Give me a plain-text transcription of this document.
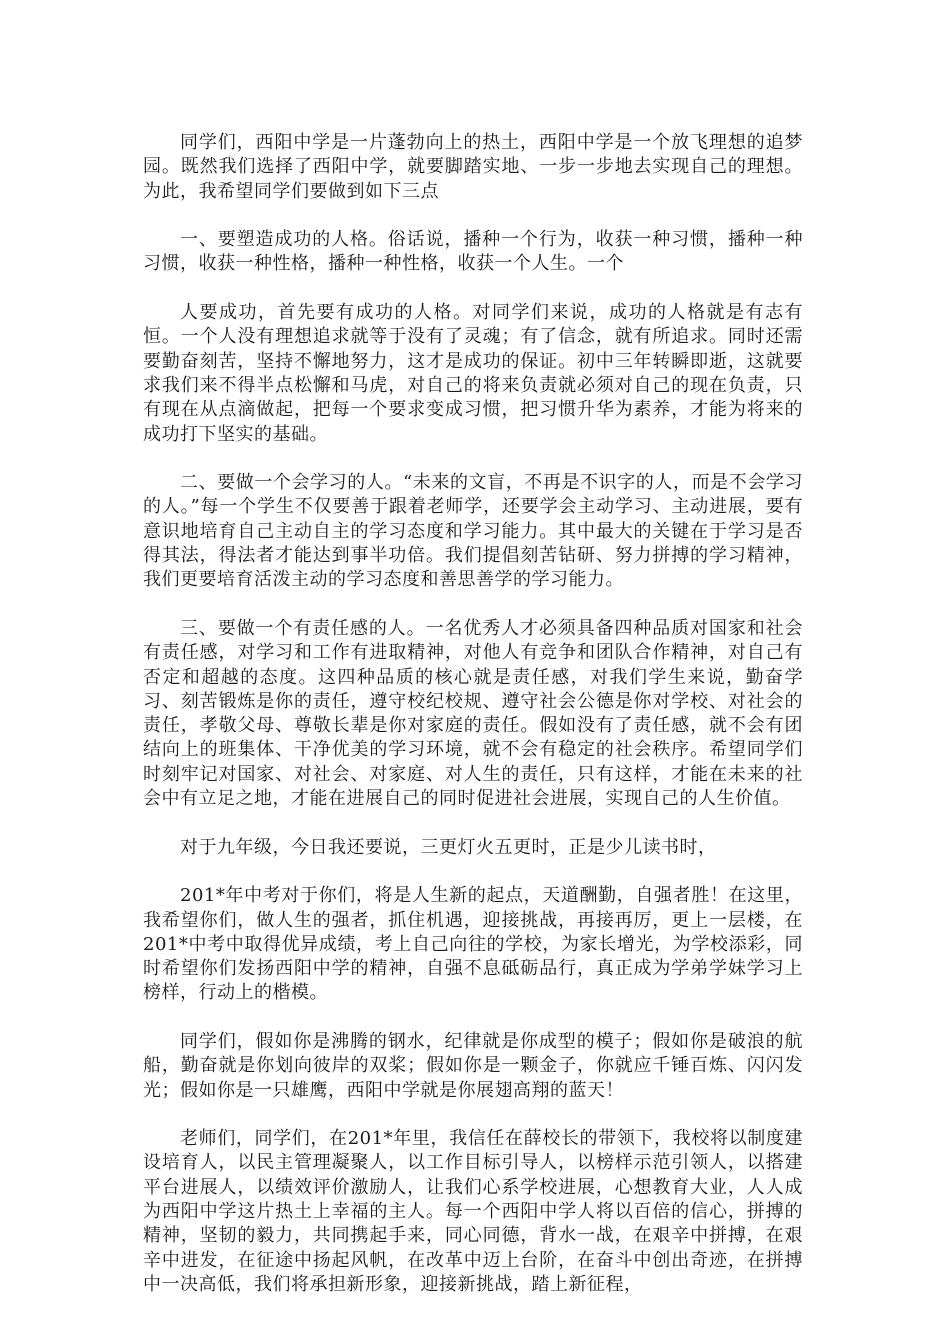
同学们，西阳中学是一片蓬勃向上的热土，西阳中学是一个放飞理想的追梦园。既然我们选择了西阳中学，就要脚踏实地、一步一步地去实现自己的理想。为此，我希望同学们要做到如下三点

一、要塑造成功的人格。俗话说，播种一个行为，收获一种习惯，播种一种习惯，收获一种性格，播种一种性格，收获一个人生。一个

人要成功，首先要有成功的人格。对同学们来说，成功的人格就是有志有恒。一个人没有理想追求就等于没有了灵魂；有了信念，就有所追求。同时还需要勤奋刻苦，坚持不懈地努力，这才是成功的保证。初中三年转瞬即逝，这就要求我们来不得半点松懈和马虎，对自己的将来负责就必须对自己的现在负责，只有现在从点滴做起，把每一个要求变成习惯，把习惯升华为素养，才能为将来的成功打下坚实的基础。

二、要做一个会学习的人。“未来的文盲，不再是不识字的人，而是不会学习的人。”每一个学生不仅要善于跟着老师学，还要学会主动学习、主动进展，要有意识地培育自己主动自主的学习态度和学习能力。其中最大的关键在于学习是否得其法，得法者才能达到事半功倍。我们提倡刻苦钻研、努力拼搏的学习精神，我们更要培育活泼主动的学习态度和善思善学的学习能力。

三、要做一个有责任感的人。一名优秀人才必须具备四种品质对国家和社会有责任感，对学习和工作有进取精神，对他人有竞争和团队合作精神，对自己有否定和超越的态度。这四种品质的核心就是责任感，对我们学生来说，勤奋学习、刻苦锻炼是你的责任，遵守校纪校规、遵守社会公德是你对学校、对社会的责任，孝敬父母、尊敬长辈是你对家庭的责任。假如没有了责任感，就不会有团结向上的班集体、干净优美的学习环境，就不会有稳定的社会秩序。希望同学们时刻牢记对国家、对社会、对家庭、对人生的责任，只有这样，才能在未来的社会中有立足之地，才能在进展自己的同时促进社会进展，实现自己的人生价值。

对于九年级，今日我还要说，三更灯火五更时，正是少儿读书时，

201*年中考对于你们，将是人生新的起点，天道酬勤，自强者胜！在这里，我希望你们，做人生的强者，抓住机遇，迎接挑战，再接再厉，更上一层楼，在201*中考中取得优异成绩，考上自己向往的学校，为家长增光，为学校添彩，同时希望你们发扬西阳中学的精神，自强不息砥砺品行，真正成为学弟学妹学习上榜样，行动上的楷模。

同学们，假如你是沸腾的钢水，纪律就是你成型的模子；假如你是破浪的航船，勤奋就是你划向彼岸的双桨；假如你是一颗金子，你就应千锤百炼、闪闪发光；假如你是一只雄鹰，西阳中学就是你展翅高翔的蓝天！

老师们，同学们，在201*年里，我信任在薛校长的带领下，我校将以制度建设培育人，以民主管理凝聚人，以工作目标引导人，以榜样示范引领人，以搭建平台进展人，以绩效评价激励人，让我们心系学校进展，心想教育大业，人人成为西阳中学这片热土上幸福的主人。每一个西阳中学人将以百倍的信心，拼搏的精神，坚韧的毅力，共同携起手来，同心同德，背水一战，在艰辛中拼搏，在艰辛中进发，在征途中扬起风帆，在改革中迈上台阶，在奋斗中创出奇迹，在拼搏中一决高低，我们将承担新形象，迎接新挑战，踏上新征程，
